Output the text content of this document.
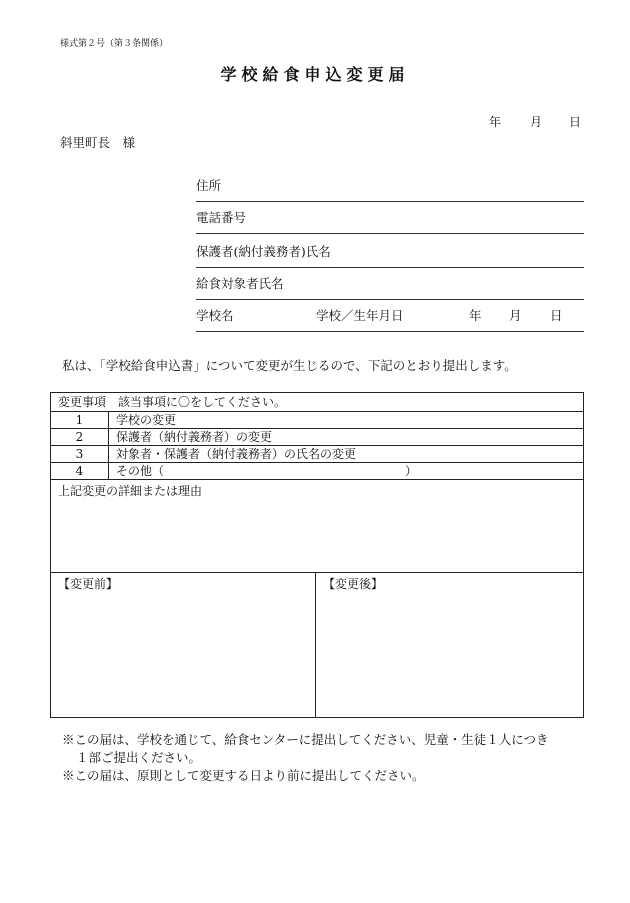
様式第２号（第３条関係）
学校給食申込変更届
年 月 日
斜里町長　様
住所
電話番号
保護者(納付義務者)氏名
給食対象者氏名
学校名	学校／生年月日	年 月 日
私は、「学校給食申込書」について変更が生じるので、下記のとおり提出します。
変更事項　該当事項に〇をしてください。
1	学校の変更
2	保護者（納付義務者）の変更
3	対象者・保護者（納付義務者）の氏名の変更
4	その他（	）
上記変更の詳細または理由
【変更前】	【変更後】
※この届は、学校を通じて、給食センターに提出してください、児童・生徒１人につき
１部ご提出ください。
※この届は、原則として変更する日より前に提出してください。
